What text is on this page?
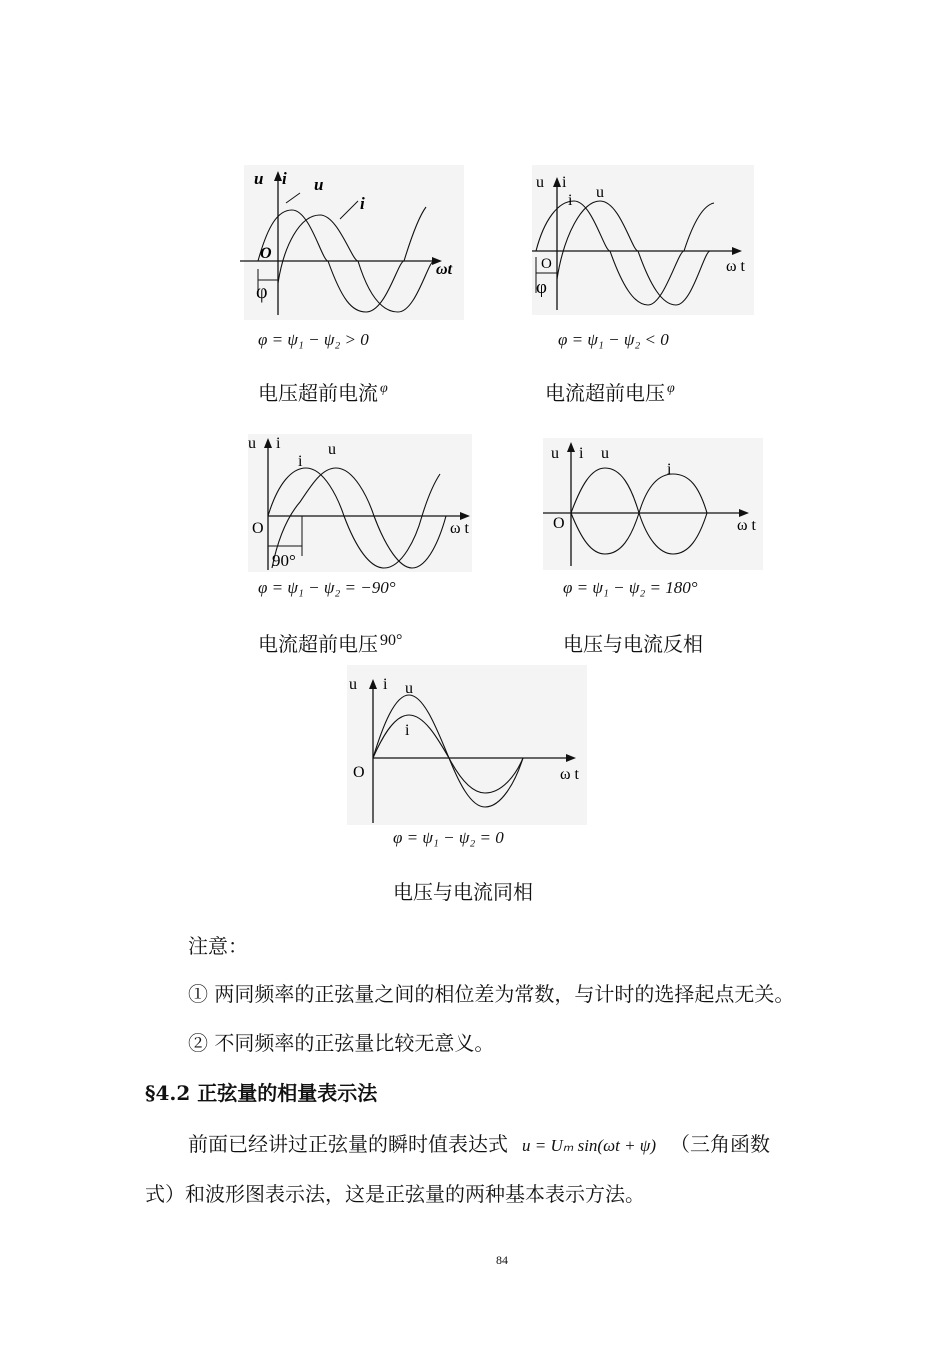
u i u
i
O
ωt
φ
φ = ψ₁ − ψ₂ > 0
电压超前电流 $^\varphi$
u i
i u
O	ω t
φ
φ = ψ₁ − ψ₂ < 0
电流超前电压 $^\varphi$
u i
i
u
O	ω t
90°
φ = ψ₁ − ψ₂ = −90°
电流超前电压 $^{90^\circ}$
u i u
i
O	ω t
φ = ψ₁ − ψ₂ = 180°
电压与电流反相
u i u
i
O	ω t
φ = ψ₁ − ψ₂ = 0
电压与电流同相
注意：
① 两同频率的正弦量之间的相位差为常数，与计时的选择起点无关。
② 不同频率的正弦量比较无意义。
§4.2 正弦量的相量表示法
前面已经讲过正弦量的瞬时值表达式 u = Uₘ sin(ωt + ψ) （三角函数
式）和波形图表示法，这是正弦量的两种基本表示方法。
84
